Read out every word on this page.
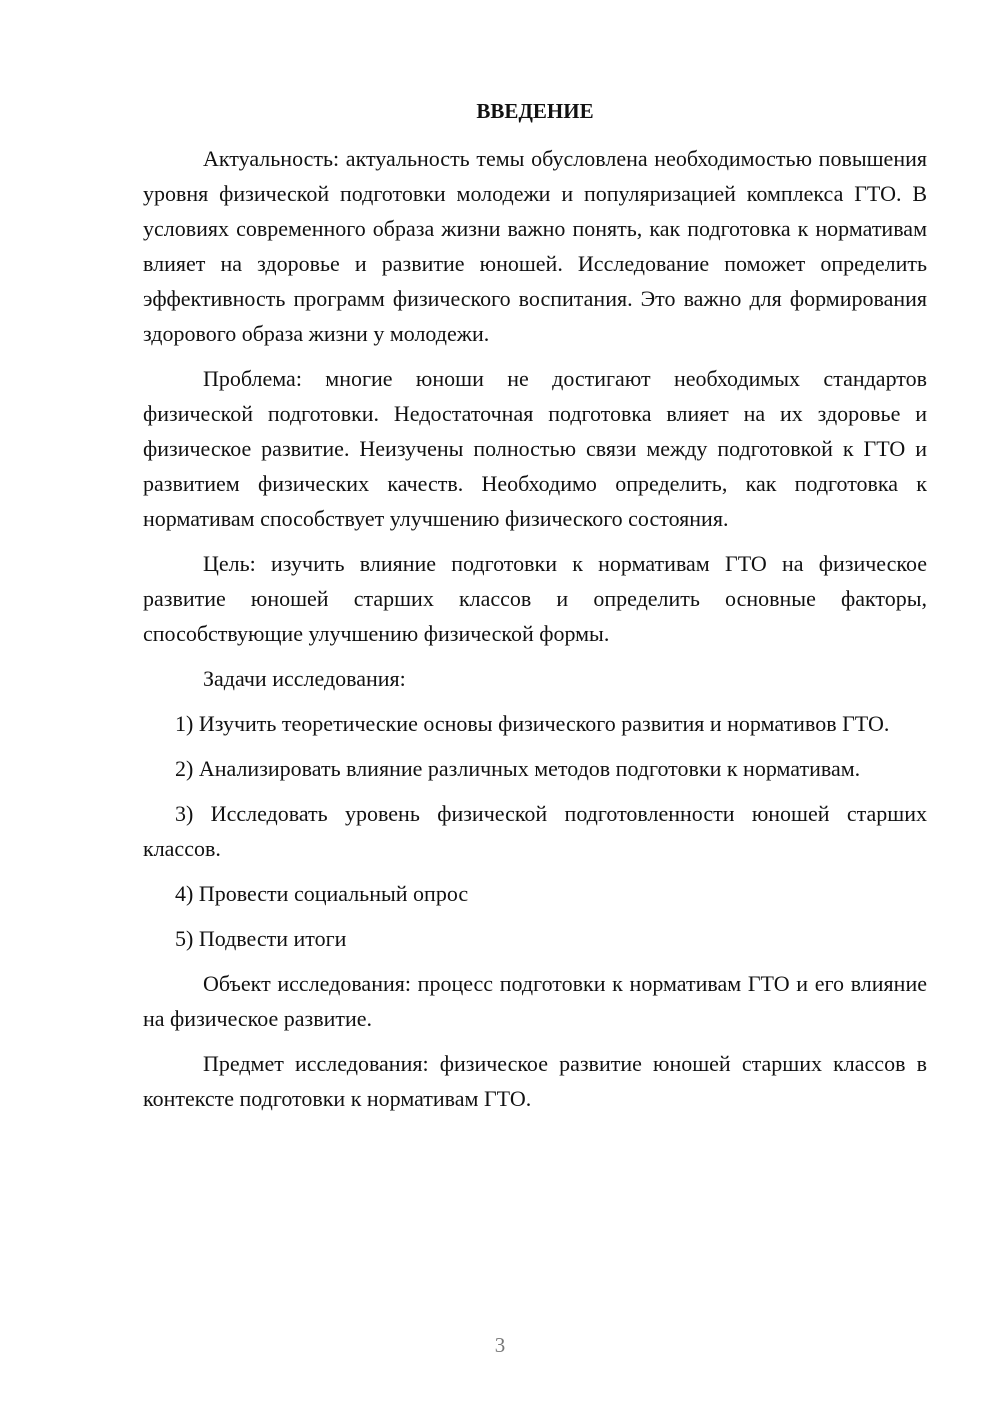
ВВЕДЕНИЕ

Актуальность: актуальность темы обусловлена необходимостью повышения уровня физической подготовки молодежи и популяризацией комплекса ГТО. В условиях современного образа жизни важно понять, как подготовка к нормативам влияет на здоровье и развитие юношей. Исследование поможет определить эффективность программ физического воспитания. Это важно для формирования здорового образа жизни у молодежи.

Проблема: многие юноши не достигают необходимых стандартов физической подготовки. Недостаточная подготовка влияет на их здоровье и физическое развитие. Неизучены полностью связи между подготовкой к ГТО и развитием физических качеств. Необходимо определить, как подготовка к нормативам способствует улучшению физического состояния.

Цель: изучить влияние подготовки к нормативам ГТО на физическое развитие юношей старших классов и определить основные факторы, способствующие улучшению физической формы.

Задачи исследования:

1) Изучить теоретические основы физического развития и нормативов ГТО.

2) Анализировать влияние различных методов подготовки к нормативам.

3) Исследовать уровень физической подготовленности юношей старших классов.

4) Провести социальный опрос

5) Подвести итоги

Объект исследования: процесс подготовки к нормативам ГТО и его влияние на физическое развитие.

Предмет исследования: физическое развитие юношей старших классов в контексте подготовки к нормативам ГТО.

3
